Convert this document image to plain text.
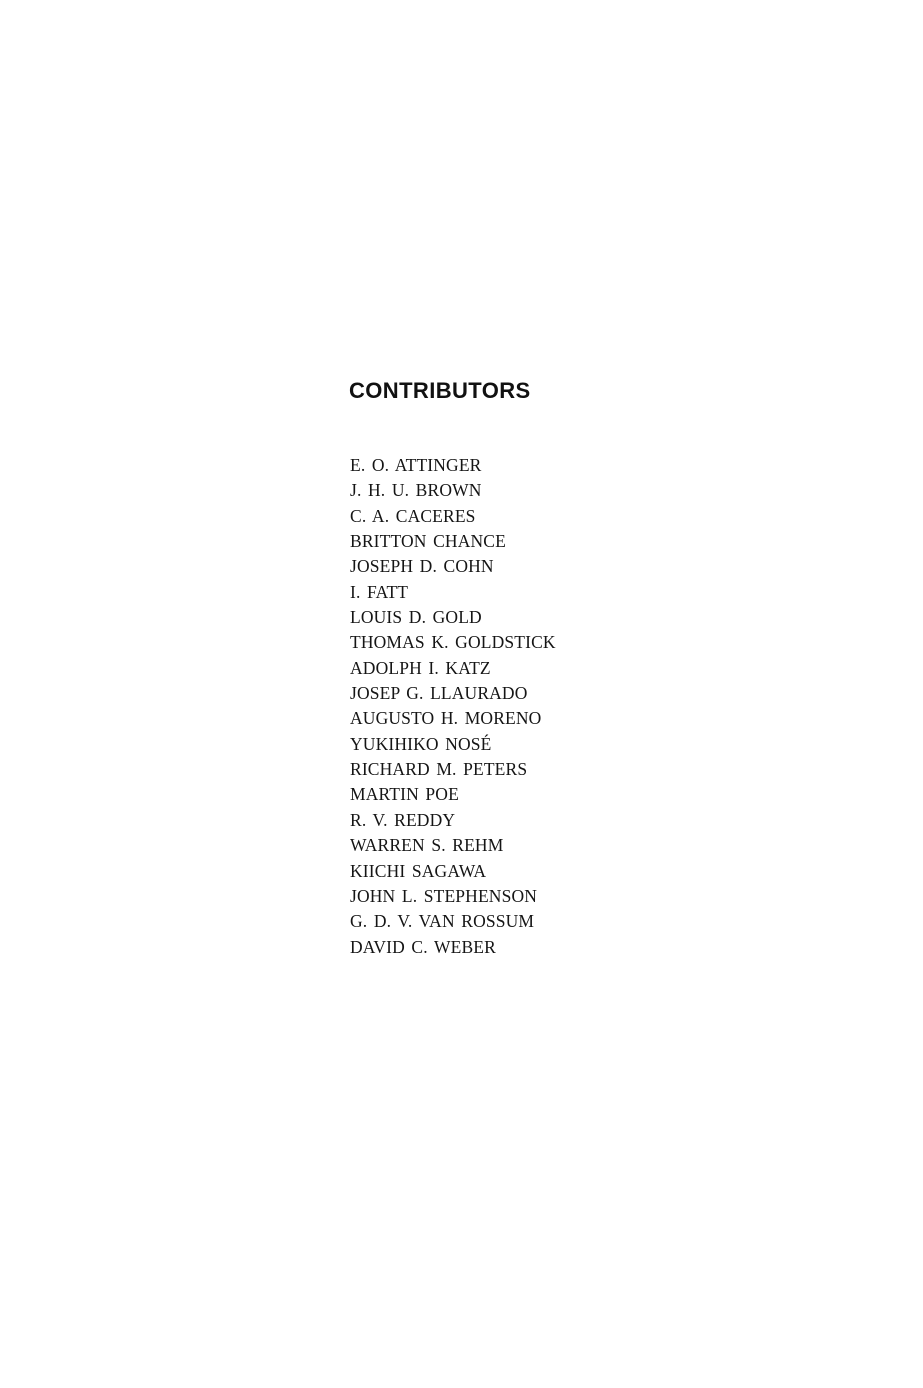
CONTRIBUTORS
E. O. ATTINGER
J. H. U. BROWN
C. A. CACERES
BRITTON CHANCE
JOSEPH D. COHN
I. FATT
LOUIS D. GOLD
THOMAS K. GOLDSTICK
ADOLPH I. KATZ
JOSEP G. LLAURADO
AUGUSTO H. MORENO
YUKIHIKO NOSÉ
RICHARD M. PETERS
MARTIN POE
R. V. REDDY
WARREN S. REHM
KIICHI SAGAWA
JOHN L. STEPHENSON
G. D. V. VAN ROSSUM
DAVID C. WEBER
